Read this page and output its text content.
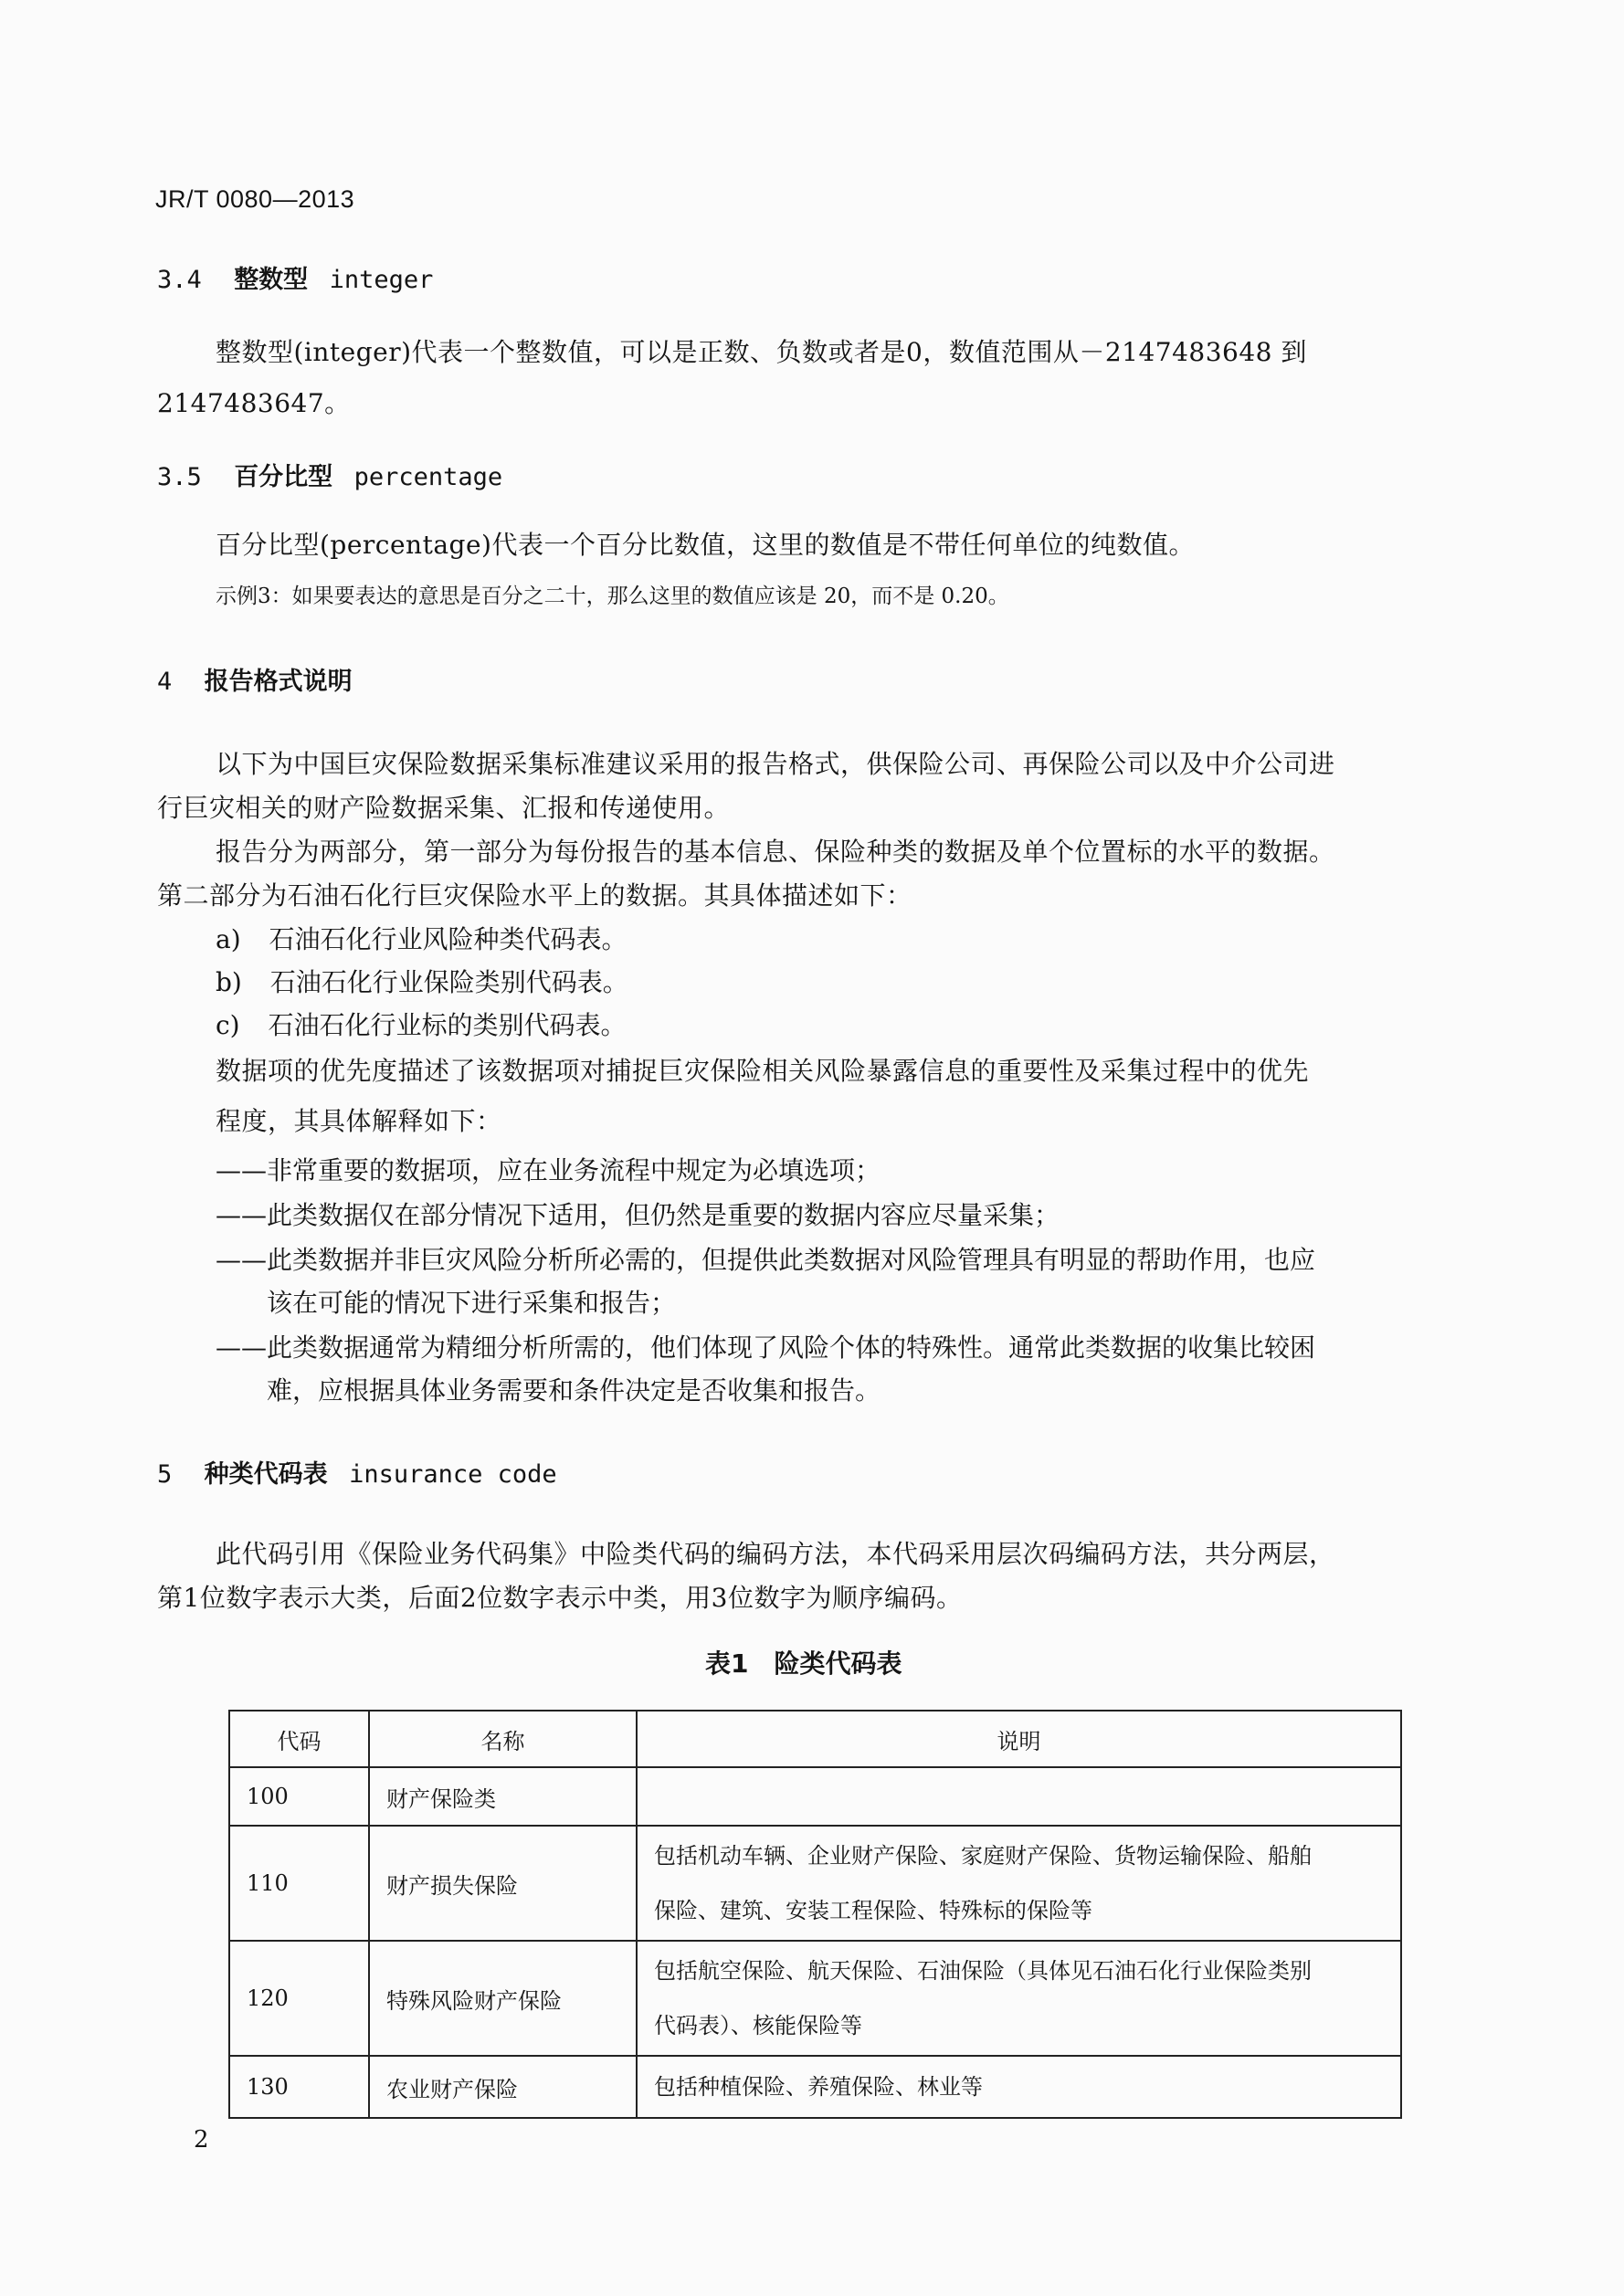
JR/T 0080—2013
3.4 整数型 integer
整数型(integer)代表一个整数值，可以是正数、负数或者是0，数值范围从－2147483648 到
2147483647。
3.5 百分比型 percentage
百分比型(percentage)代表一个百分比数值，这里的数值是不带任何单位的纯数值。
示例3：如果要表达的意思是百分之二十，那么这里的数值应该是 20，而不是 0.20。
4 报告格式说明
以下为中国巨灾保险数据采集标准建议采用的报告格式，供保险公司、再保险公司以及中介公司进
行巨灾相关的财产险数据采集、汇报和传递使用。
报告分为两部分，第一部分为每份报告的基本信息、保险种类的数据及单个位置标的水平的数据。
第二部分为石油石化行巨灾保险水平上的数据。其具体描述如下：
a) 石油石化行业风险种类代码表。
b) 石油石化行业保险类别代码表。
c) 石油石化行业标的类别代码表。
数据项的优先度描述了该数据项对捕捉巨灾保险相关风险暴露信息的重要性及采集过程中的优先
程度，其具体解释如下：
——非常重要的数据项，应在业务流程中规定为必填选项；
——此类数据仅在部分情况下适用，但仍然是重要的数据内容应尽量采集；
——此类数据并非巨灾风险分析所必需的，但提供此类数据对风险管理具有明显的帮助作用，也应
该在可能的情况下进行采集和报告；
——此类数据通常为精细分析所需的，他们体现了风险个体的特殊性。通常此类数据的收集比较困
难，应根据具体业务需要和条件决定是否收集和报告。
5 种类代码表 insurance code
此代码引用《保险业务代码集》中险类代码的编码方法，本代码采用层次码编码方法，共分两层，
第1位数字表示大类，后面2位数字表示中类，用3位数字为顺序编码。
表1　险类代码表
代码	名称	说明
100	财产保险类	
110	财产损失保险	包括机动车辆、企业财产保险、家庭财产保险、货物运输保险、船舶
保险、建筑、安装工程保险、特殊标的保险等

120	特殊风险财产保险	包括航空保险、航天保险、石油保险（具体见石油石化行业保险类别
代码表）、核能保险等

130	农业财产保险	包括种植保险、养殖保险、林业等
2
